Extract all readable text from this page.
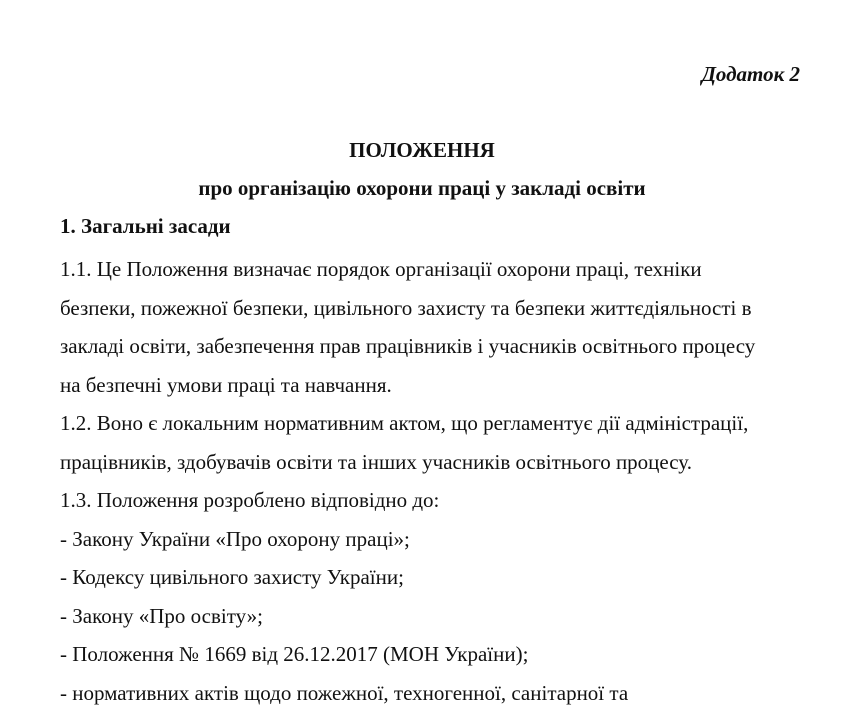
Додаток 2

ПОЛОЖЕННЯ

про організацію охорони праці у закладі освіти

1. Загальні засади

1.1. Це Положення визначає порядок організації охорони праці, техніки
безпеки, пожежної безпеки, цивільного захисту та безпеки життєдіяльності в
закладі освіти, забезпечення прав працівників і учасників освітнього процесу
на безпечні умови праці та навчання.
1.2. Воно є локальним нормативним актом, що регламентує дії адміністрації,
працівників, здобувачів освіти та інших учасників освітнього процесу.
1.3. Положення розроблено відповідно до:
- Закону України «Про охорону праці»;
- Кодексу цивільного захисту України;
- Закону «Про освіту»;
- Положення № 1669 від 26.12.2017 (МОН України);
- нормативних актів щодо пожежної, техногенної, санітарної та
